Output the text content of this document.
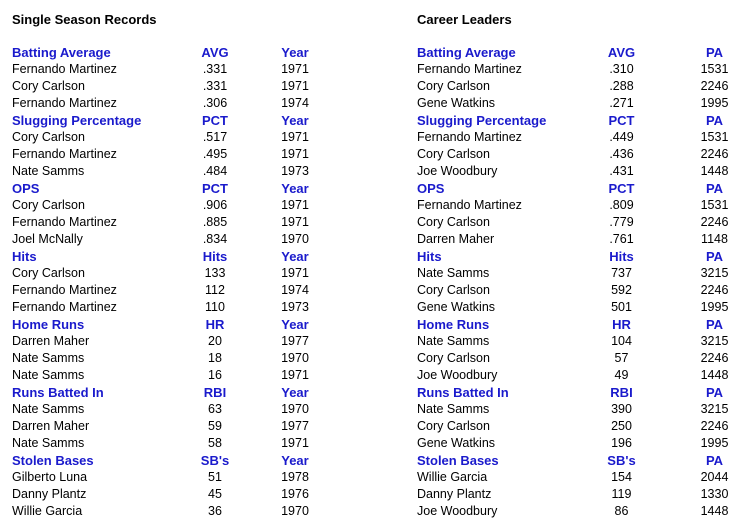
Single Season Records
Batting Average	AVG	Year
Fernando Martinez	.331	1971
Cory Carlson	.331	1971
Fernando Martinez	.306	1974
Slugging Percentage	PCT	Year
Cory Carlson	.517	1971
Fernando Martinez	.495	1971
Nate Samms	.484	1973
OPS	PCT	Year
Cory Carlson	.906	1971
Fernando Martinez	.885	1971
Joel McNally	.834	1970
Hits	Hits	Year
Cory Carlson	133	1971
Fernando Martinez	112	1974
Fernando Martinez	110	1973
Home Runs	HR	Year
Darren Maher	20	1977
Nate Samms	18	1970
Nate Samms	16	1971
Runs Batted In	RBI	Year
Nate Samms	63	1970
Darren Maher	59	1977
Nate Samms	58	1971
Stolen Bases	SB's	Year
Gilberto Luna	51	1978
Danny Plantz	45	1976
Willie Garcia	36	1970
Career Leaders
Batting Average	AVG	PA
Fernando Martinez	.310	1531
Cory Carlson	.288	2246
Gene Watkins	.271	1995
Slugging Percentage	PCT	PA
Fernando Martinez	.449	1531
Cory Carlson	.436	2246
Joe Woodbury	.431	1448
OPS	PCT	PA
Fernando Martinez	.809	1531
Cory Carlson	.779	2246
Darren Maher	.761	1148
Hits	Hits	PA
Nate Samms	737	3215
Cory Carlson	592	2246
Gene Watkins	501	1995
Home Runs	HR	PA
Nate Samms	104	3215
Cory Carlson	57	2246
Joe Woodbury	49	1448
Runs Batted In	RBI	PA
Nate Samms	390	3215
Cory Carlson	250	2246
Gene Watkins	196	1995
Stolen Bases	SB's	PA
Willie Garcia	154	2044
Danny Plantz	119	1330
Joe Woodbury	86	1448
